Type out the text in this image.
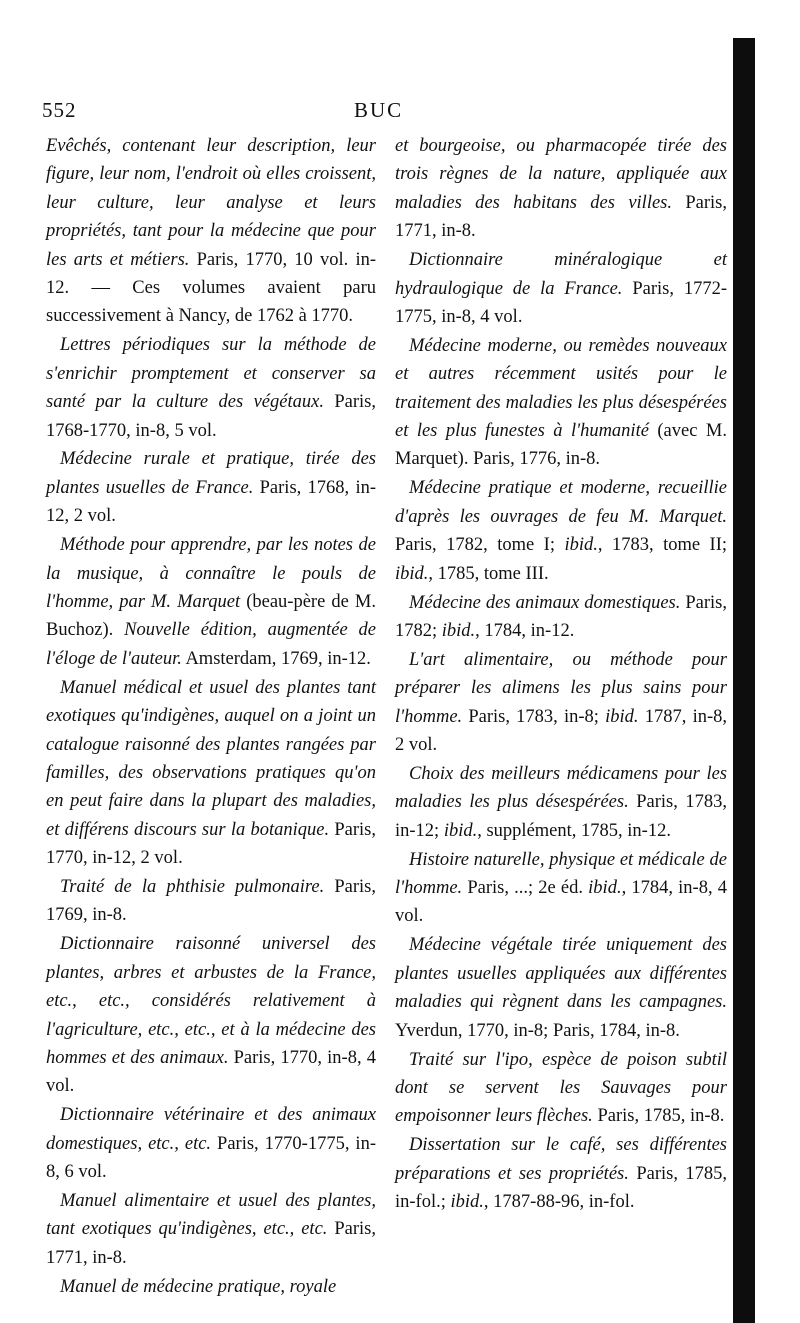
552	BUC

Evêchés, contenant leur description, leur figure, leur nom, l'endroit où elles croissent, leur culture, leur analyse et leurs propriétés, tant pour la médecine que pour les arts et métiers. Paris, 1770, 10 vol. in-12. — Ces volumes avaient paru successivement à Nancy, de 1762 à 1770.

Lettres périodiques sur la méthode de s'enrichir promptement et conserver sa santé par la culture des végétaux. Paris, 1768-1770, in-8, 5 vol.

Médecine rurale et pratique, tirée des plantes usuelles de France. Paris, 1768, in-12, 2 vol.

Méthode pour apprendre, par les notes de la musique, à connaître le pouls de l'homme, par M. Marquet (beau-père de M. Buchoz). Nouvelle édition, augmentée de l'éloge de l'auteur. Amsterdam, 1769, in-12.

Manuel médical et usuel des plantes tant exotiques qu'indigènes, auquel on a joint un catalogue raisonné des plantes rangées par familles, des observations pratiques qu'on en peut faire dans la plupart des maladies, et différens discours sur la botanique. Paris, 1770, in-12, 2 vol.

Traité de la phthisie pulmonaire. Paris, 1769, in-8.

Dictionnaire raisonné universel des plantes, arbres et arbustes de la France, etc., etc., considérés relativement à l'agriculture, etc., etc., et à la médecine des hommes et des animaux. Paris, 1770, in-8, 4 vol.

Dictionnaire vétérinaire et des animaux domestiques, etc., etc. Paris, 1770-1775, in-8, 6 vol.

Manuel alimentaire et usuel des plantes, tant exotiques qu'indigènes, etc., etc. Paris, 1771, in-8.

Manuel de médecine pratique, royale

et bourgeoise, ou pharmacopée tirée des trois règnes de la nature, appliquée aux maladies des habitans des villes. Paris, 1771, in-8.

Dictionnaire minéralogique et hydraulogique de la France. Paris, 1772-1775, in-8, 4 vol.

Médecine moderne, ou remèdes nouveaux et autres récemment usités pour le traitement des maladies les plus désespérées et les plus funestes à l'humanité (avec M. Marquet). Paris, 1776, in-8.

Médecine pratique et moderne, recueillie d'après les ouvrages de feu M. Marquet. Paris, 1782, tome I; ibid., 1783, tome II; ibid., 1785, tome III.

Médecine des animaux domestiques. Paris, 1782; ibid., 1784, in-12.

L'art alimentaire, ou méthode pour préparer les alimens les plus sains pour l'homme. Paris, 1783, in-8; ibid. 1787, in-8, 2 vol.

Choix des meilleurs médicamens pour les maladies les plus désespérées. Paris, 1783, in-12; ibid., supplément, 1785, in-12.

Histoire naturelle, physique et médicale de l'homme. Paris, ...; 2e éd. ibid., 1784, in-8, 4 vol.

Médecine végétale tirée uniquement des plantes usuelles appliquées aux différentes maladies qui règnent dans les campagnes. Yverdun, 1770, in-8; Paris, 1784, in-8.

Traité sur l'ipo, espèce de poison subtil dont se servent les Sauvages pour empoisonner leurs flèches. Paris, 1785, in-8.

Dissertation sur le café, ses différentes préparations et ses propriétés. Paris, 1785, in-fol.; ibid., 1787-88-96, in-fol.
